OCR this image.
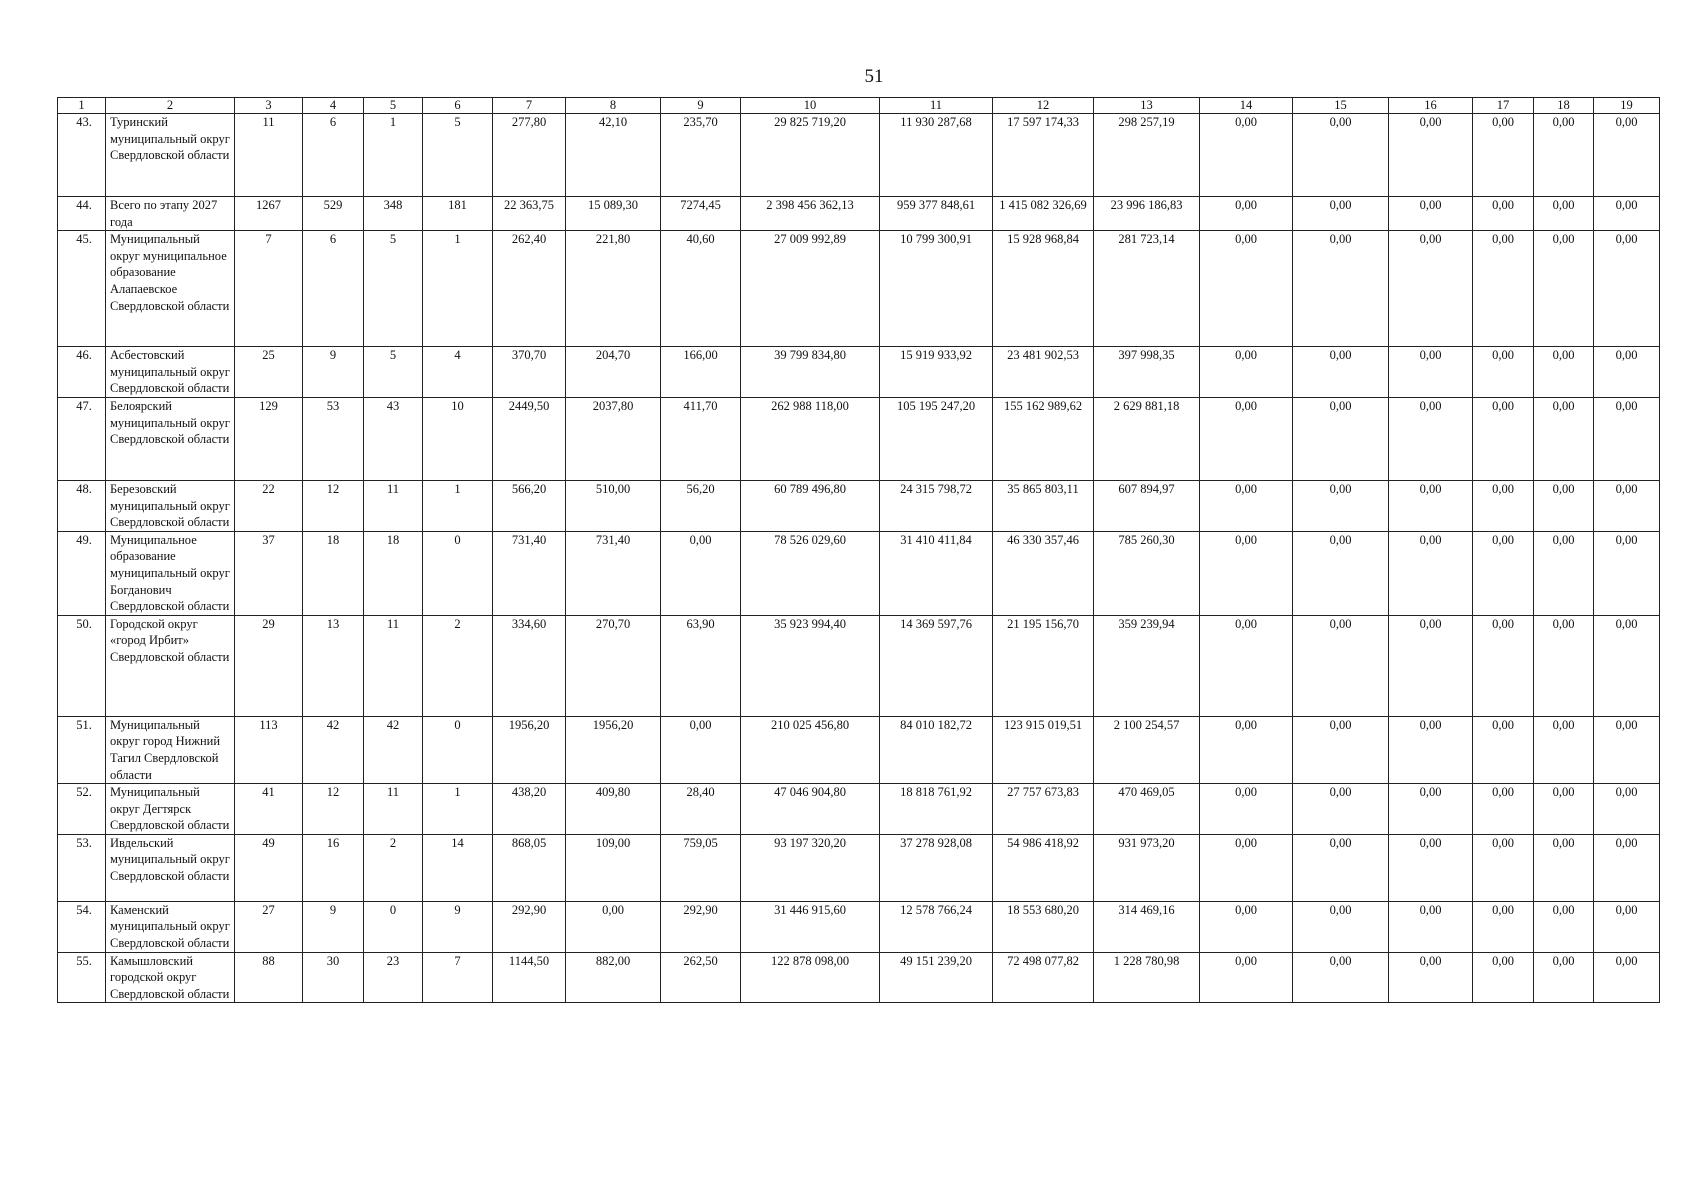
51
1	2	3	4	5	6	7	8	9	10	11	12	13	14	15	16	17	18	19
43.	Туринский муниципальный округ Свердловской области	11	6	1	5	277,80	42,10	235,70	29 825 719,20	11 930 287,68	17 597 174,33	298 257,19	0,00	0,00	0,00	0,00	0,00	0,00
44.	Всего по этапу 2027 года	1267	529	348	181	22 363,75	15 089,30	7274,45	2 398 456 362,13	959 377 848,61	1 415 082 326,69	23 996 186,83	0,00	0,00	0,00	0,00	0,00	0,00
45.	Муниципальный округ муниципальное образование Алапаевское Свердловской области	7	6	5	1	262,40	221,80	40,60	27 009 992,89	10 799 300,91	15 928 968,84	281 723,14	0,00	0,00	0,00	0,00	0,00	0,00
46.	Асбестовский муниципальный округ Свердловской области	25	9	5	4	370,70	204,70	166,00	39 799 834,80	15 919 933,92	23 481 902,53	397 998,35	0,00	0,00	0,00	0,00	0,00	0,00
47.	Белоярский муниципальный округ Свердловской области	129	53	43	10	2449,50	2037,80	411,70	262 988 118,00	105 195 247,20	155 162 989,62	2 629 881,18	0,00	0,00	0,00	0,00	0,00	0,00
48.	Березовский муниципальный округ Свердловской области	22	12	11	1	566,20	510,00	56,20	60 789 496,80	24 315 798,72	35 865 803,11	607 894,97	0,00	0,00	0,00	0,00	0,00	0,00
49.	Муниципальное образование муниципальный округ Богданович Свердловской области	37	18	18	0	731,40	731,40	0,00	78 526 029,60	31 410 411,84	46 330 357,46	785 260,30	0,00	0,00	0,00	0,00	0,00	0,00
50.	Городской округ «город Ирбит» Свердловской области	29	13	11	2	334,60	270,70	63,90	35 923 994,40	14 369 597,76	21 195 156,70	359 239,94	0,00	0,00	0,00	0,00	0,00	0,00
51.	Муниципальный округ город Нижний Тагил Свердловской области	113	42	42	0	1956,20	1956,20	0,00	210 025 456,80	84 010 182,72	123 915 019,51	2 100 254,57	0,00	0,00	0,00	0,00	0,00	0,00
52.	Муниципальный округ Дегтярск Свердловской области	41	12	11	1	438,20	409,80	28,40	47 046 904,80	18 818 761,92	27 757 673,83	470 469,05	0,00	0,00	0,00	0,00	0,00	0,00
53.	Ивдельский муниципальный округ Свердловской области	49	16	2	14	868,05	109,00	759,05	93 197 320,20	37 278 928,08	54 986 418,92	931 973,20	0,00	0,00	0,00	0,00	0,00	0,00
54.	Каменский муниципальный округ Свердловской области	27	9	0	9	292,90	0,00	292,90	31 446 915,60	12 578 766,24	18 553 680,20	314 469,16	0,00	0,00	0,00	0,00	0,00	0,00
55.	Камышловский городской округ Свердловской области	88	30	23	7	1144,50	882,00	262,50	122 878 098,00	49 151 239,20	72 498 077,82	1 228 780,98	0,00	0,00	0,00	0,00	0,00	0,00
